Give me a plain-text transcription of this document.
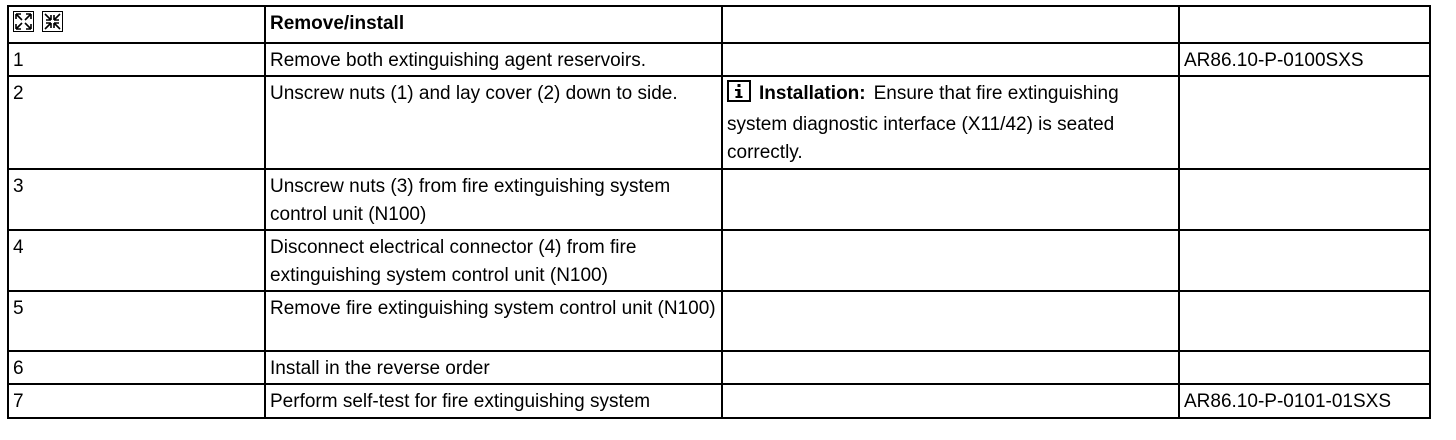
	Remove/install		
1	Remove both extinguishing agent reservoirs.		AR86.10-P-0100SXS
2	Unscrew nuts (1) and lay cover (2) down to side.	Installation: Ensure that fire extinguishing system diagnostic interface (X11/42) is seated correctly.	
3	Unscrew nuts (3) from fire extinguishing system control unit (N100)		
4	Disconnect electrical connector (4) from fire extinguishing system control unit (N100)		
5	Remove fire extinguishing system control unit (N100)		
6	Install in the reverse order		
7	Perform self-test for fire extinguishing system		AR86.10-P-0101-01SXS
